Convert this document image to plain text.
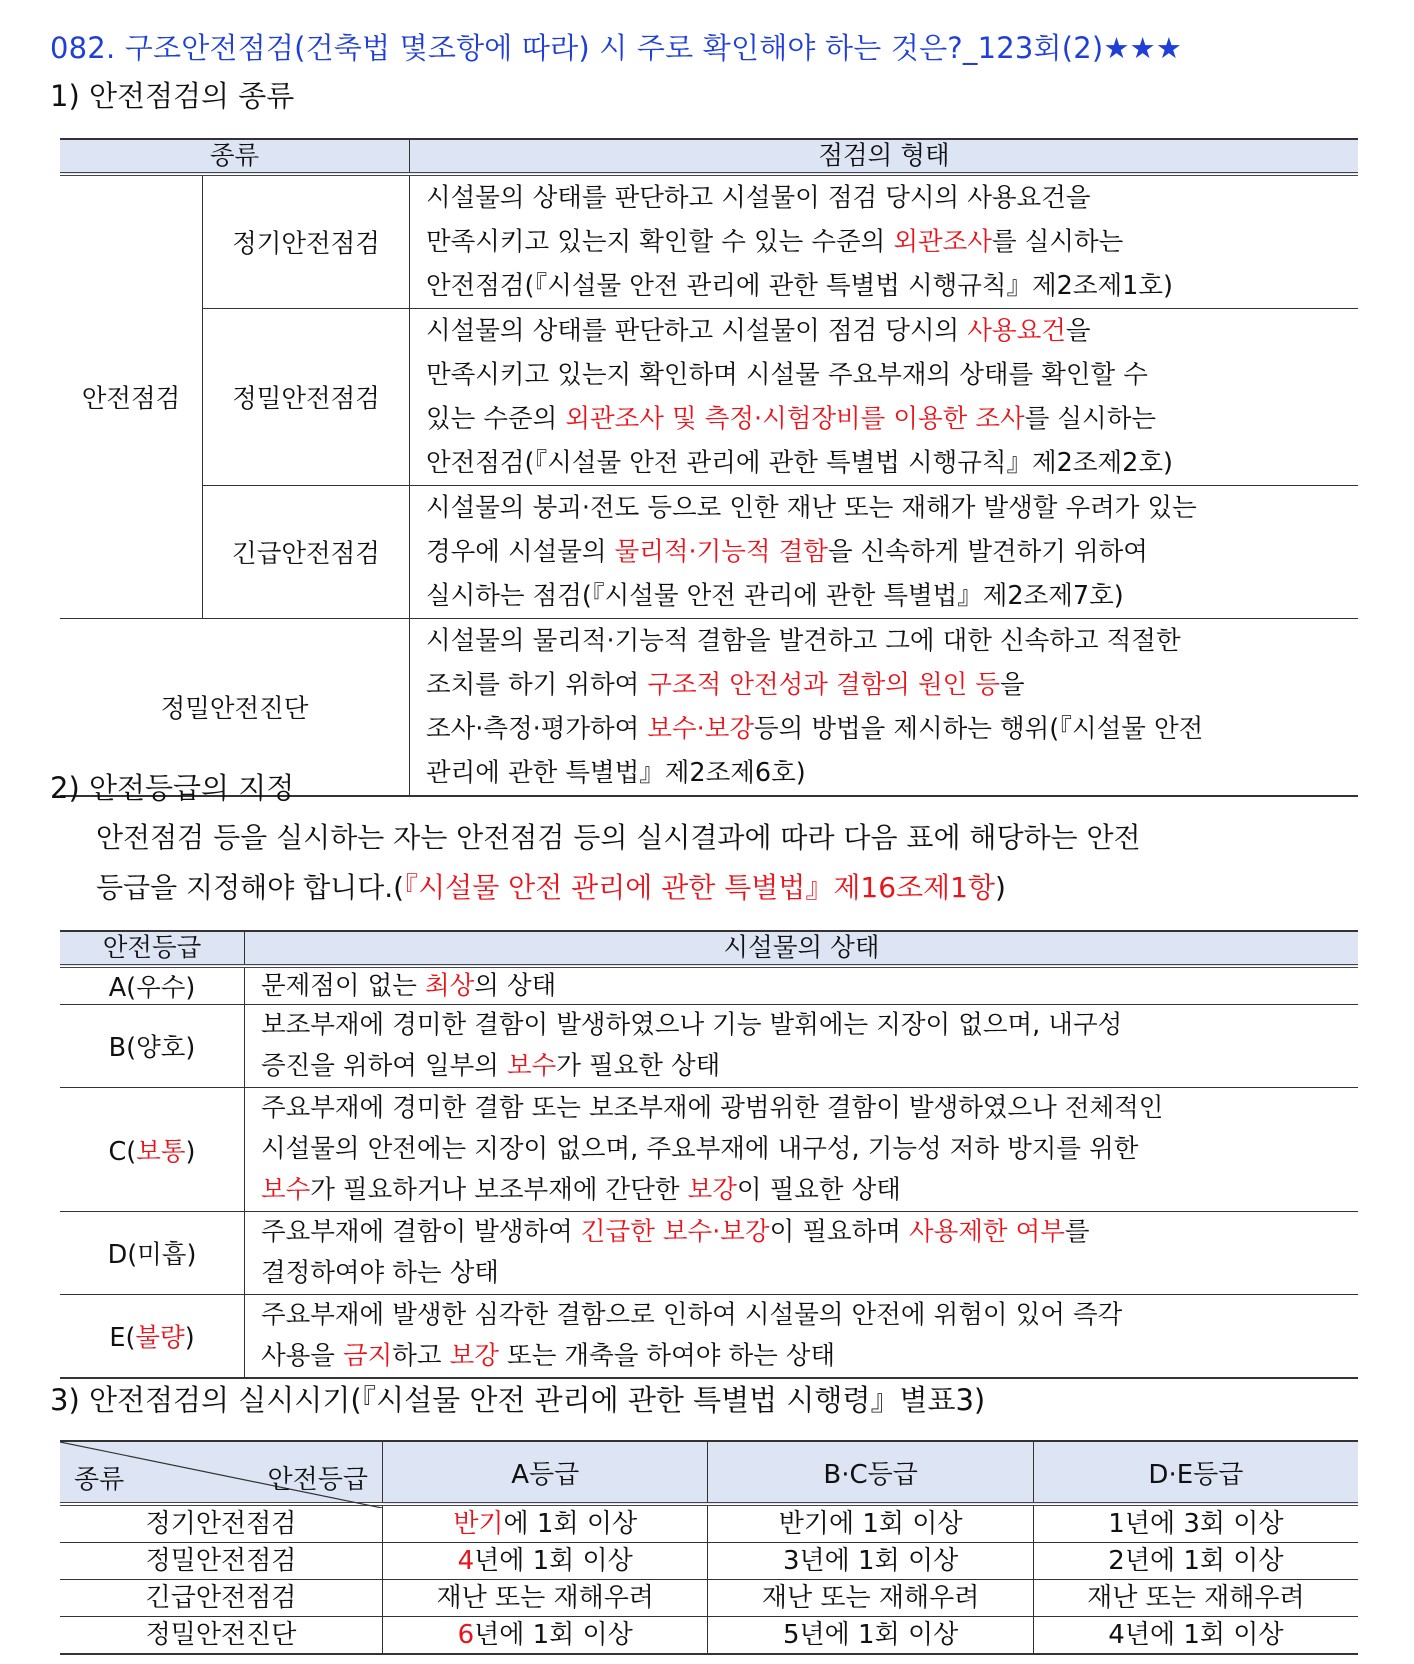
082. 구조안전점검(건축법 몇조항에 따라) 시 주로 확인해야 하는 것은?_123회(2)★★★
1) 안전점검의 종류
종류		점검의 형태
안전점검	정기안전점검	시설물의 상태를 판단하고 시설물이 점검 당시의 사용요건을
만족시키고 있는지 확인할 수 있는 수준의 외관조사를 실시하는
안전점검(『시설물 안전 관리에 관한 특별법 시행규칙』제2조제1호)

	정밀안전점검	시설물의 상태를 판단하고 시설물이 점검 당시의 사용요건을
만족시키고 있는지 확인하며 시설물 주요부재의 상태를 확인할 수
있는 수준의 외관조사 및 측정·시험장비를 이용한 조사를 실시하는
안전점검(『시설물 안전 관리에 관한 특별법 시행규칙』제2조제2호)

	긴급안전점검	시설물의 붕괴·전도 등으로 인한 재난 또는 재해가 발생할 우려가 있는
경우에 시설물의 물리적·기능적 결함을 신속하게 발견하기 위하여
실시하는 점검(『시설물 안전 관리에 관한 특별법』제2조제7호)

정밀안전진단		시설물의 물리적·기능적 결함을 발견하고 그에 대한 신속하고 적절한
조치를 하기 위하여 구조적 안전성과 결함의 원인 등을
조사·측정·평가하여 보수·보강등의 방법을 제시하는 행위(『시설물 안전
관리에 관한 특별법』제2조제6호)
2) 안전등급의 지정
안전점검 등을 실시하는 자는 안전점검 등의 실시결과에 따라 다음 표에 해당하는 안전
등급을 지정해야 합니다.(『시설물 안전 관리에 관한 특별법』제16조제1항)
안전등급	시설물의 상태
A(우수)	문제점이 없는 최상의 상태

B(양호)	보조부재에 경미한 결함이 발생하였으나 기능 발휘에는 지장이 없으며, 내구성
증진을 위하여 일부의 보수가 필요한 상태

C(보통)	주요부재에 경미한 결함 또는 보조부재에 광범위한 결함이 발생하였으나 전체적인
시설물의 안전에는 지장이 없으며, 주요부재에 내구성, 기능성 저하 방지를 위한
보수가 필요하거나 보조부재에 간단한 보강이 필요한 상태

D(미흡)	주요부재에 결함이 발생하여 긴급한 보수·보강이 필요하며 사용제한 여부를
결정하여야 하는 상태

E(불량)	주요부재에 발생한 심각한 결함으로 인하여 시설물의 안전에 위험이 있어 즉각
사용을 금지하고 보강 또는 개축을 하여야 하는 상태
3) 안전점검의 실시시기(『시설물 안전 관리에 관한 특별법 시행령』별표3)
종류 안전등급	A등급	B·C등급	D·E등급
정기안전점검	반기에 1회 이상	반기에 1회 이상	1년에 3회 이상
정밀안전점검	4년에 1회 이상	3년에 1회 이상	2년에 1회 이상
긴급안전점검	재난 또는 재해우려	재난 또는 재해우려	재난 또는 재해우려
정밀안전진단	6년에 1회 이상	5년에 1회 이상	4년에 1회 이상
